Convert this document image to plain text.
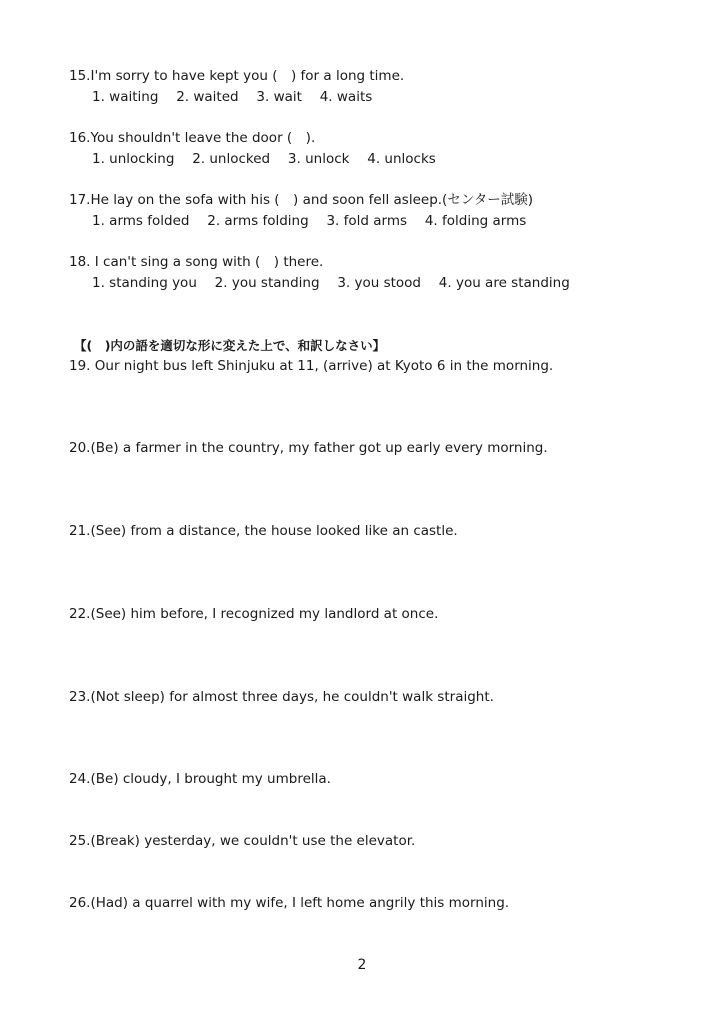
15.I'm sorry to have kept you (　) for a long time.
1. waiting　 2. waited　 3. wait　 4. waits
16.You shouldn't leave the door (　).
1. unlocking　 2. unlocked　 3. unlock　 4. unlocks
17.He lay on the sofa with his (　) and soon fell asleep.(センター試験)
1. arms folded　 2. arms folding　 3. fold arms　 4. folding arms
18. I can't sing a song with (　) there.
1. standing you　 2. you standing　 3. you stood　 4. you are standing
【(　)内の語を適切な形に変えた上で、和訳しなさい】
19. Our night bus left Shinjuku at 11, (arrive) at Kyoto 6 in the morning.
20.(Be) a farmer in the country, my father got up early every morning.
21.(See) from a distance, the house looked like an castle.
22.(See) him before, I recognized my landlord at once.
23.(Not sleep) for almost three days, he couldn't walk straight.
24.(Be) cloudy, I brought my umbrella.
25.(Break) yesterday, we couldn't use the elevator.
26.(Had) a quarrel with my wife, I left home angrily this morning.
2
